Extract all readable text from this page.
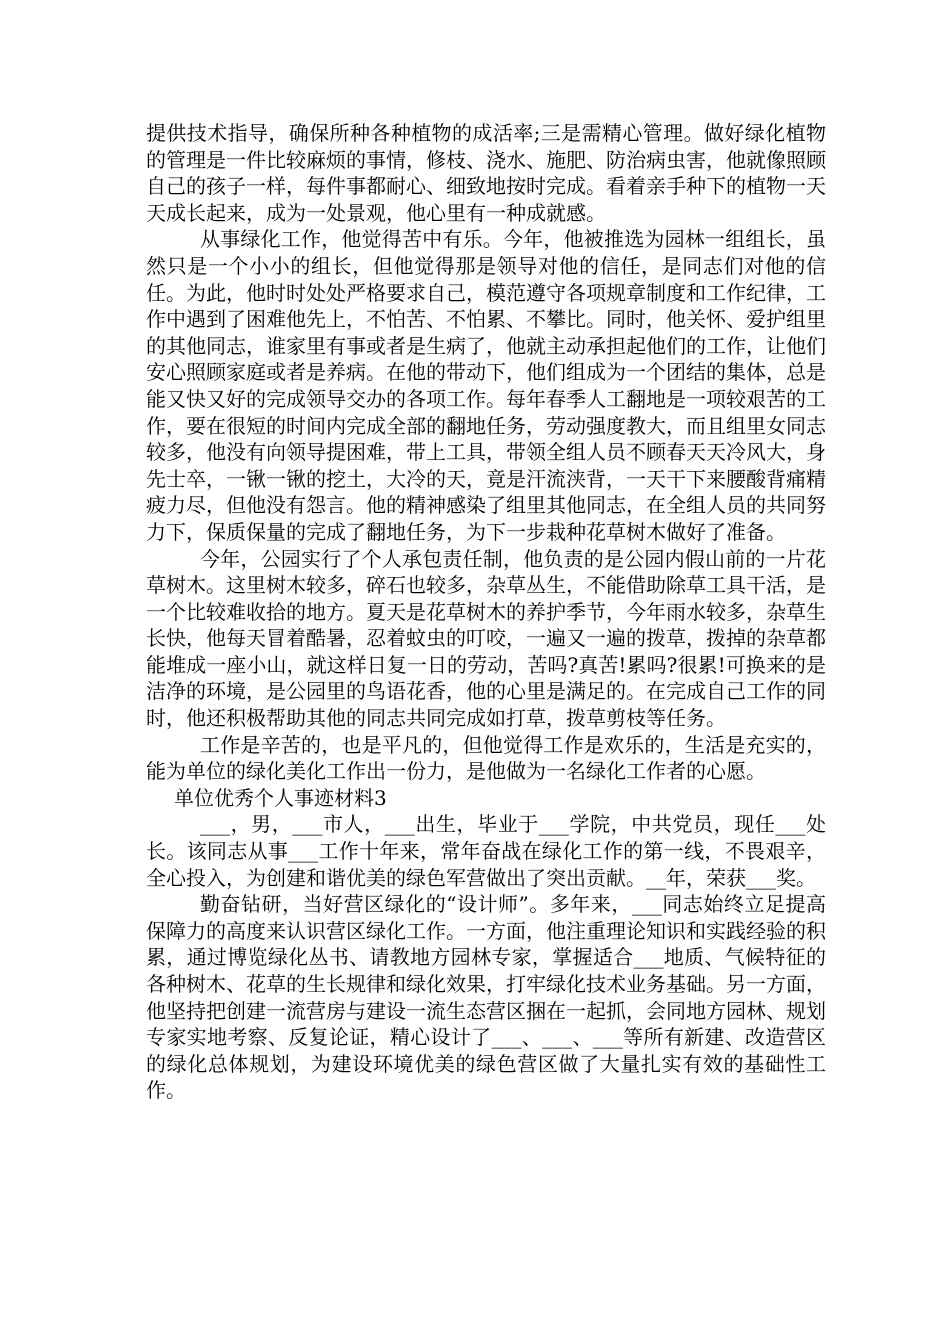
提供技术指导，确保所种各种植物的成活率;三是需精心管理。做好绿化植物的管理是一件比较麻烦的事情，修枝、浇水、施肥、防治病虫害，他就像照顾自己的孩子一样，每件事都耐心、细致地按时完成。看着亲手种下的植物一天天成长起来，成为一处景观，他心里有一种成就感。

从事绿化工作，他觉得苦中有乐。今年，他被推选为园林一组组长，虽然只是一个小小的组长，但他觉得那是领导对他的信任，是同志们对他的信任。为此，他时时处处严格要求自己，模范遵守各项规章制度和工作纪律，工作中遇到了困难他先上，不怕苦、不怕累、不攀比。同时，他关怀、爱护组里的其他同志，谁家里有事或者是生病了，他就主动承担起他们的工作，让他们安心照顾家庭或者是养病。在他的带动下，他们组成为一个团结的集体，总是能又快又好的完成领导交办的各项工作。每年春季人工翻地是一项较艰苦的工作，要在很短的时间内完成全部的翻地任务，劳动强度教大，而且组里女同志较多，他没有向领导提困难，带上工具，带领全组人员不顾春天天冷风大，身先士卒，一锹一锹的挖土，大冷的天，竟是汗流浃背，一天干下来腰酸背痛精疲力尽，但他没有怨言。他的精神感染了组里其他同志，在全组人员的共同努力下，保质保量的完成了翻地任务，为下一步栽种花草树木做好了准备。

今年，公园实行了个人承包责任制，他负责的是公园内假山前的一片花草树木。这里树木较多，碎石也较多，杂草丛生，不能借助除草工具干活，是一个比较难收拾的地方。夏天是花草树木的养护季节，今年雨水较多，杂草生长快，他每天冒着酷暑，忍着蚊虫的叮咬，一遍又一遍的拨草，拨掉的杂草都能堆成一座小山，就这样日复一日的劳动，苦吗?真苦!累吗?很累!可换来的是洁净的环境，是公园里的鸟语花香，他的心里是满足的。在完成自己工作的同时，他还积极帮助其他的同志共同完成如打草，拨草剪枝等任务。

工作是辛苦的，也是平凡的，但他觉得工作是欢乐的，生活是充实的，能为单位的绿化美化工作出一份力，是他做为一名绿化工作者的心愿。

单位优秀个人事迹材料3

___，男，___市人，___出生，毕业于___学院，中共党员，现任___处长。该同志从事___工作十年来，常年奋战在绿化工作的第一线，不畏艰辛，全心投入，为创建和谐优美的绿色军营做出了突出贡献。__年，荣获___奖。

勤奋钻研，当好营区绿化的“设计师”。多年来，___同志始终立足提高保障力的高度来认识营区绿化工作。一方面，他注重理论知识和实践经验的积累，通过博览绿化丛书、请教地方园林专家，掌握适合___地质、气候特征的各种树木、花草的生长规律和绿化效果，打牢绿化技术业务基础。另一方面，他坚持把创建一流营房与建设一流生态营区捆在一起抓，会同地方园林、规划专家实地考察、反复论证，精心设计了___、___、___等所有新建、改造营区的绿化总体规划，为建设环境优美的绿色营区做了大量扎实有效的基础性工作。
